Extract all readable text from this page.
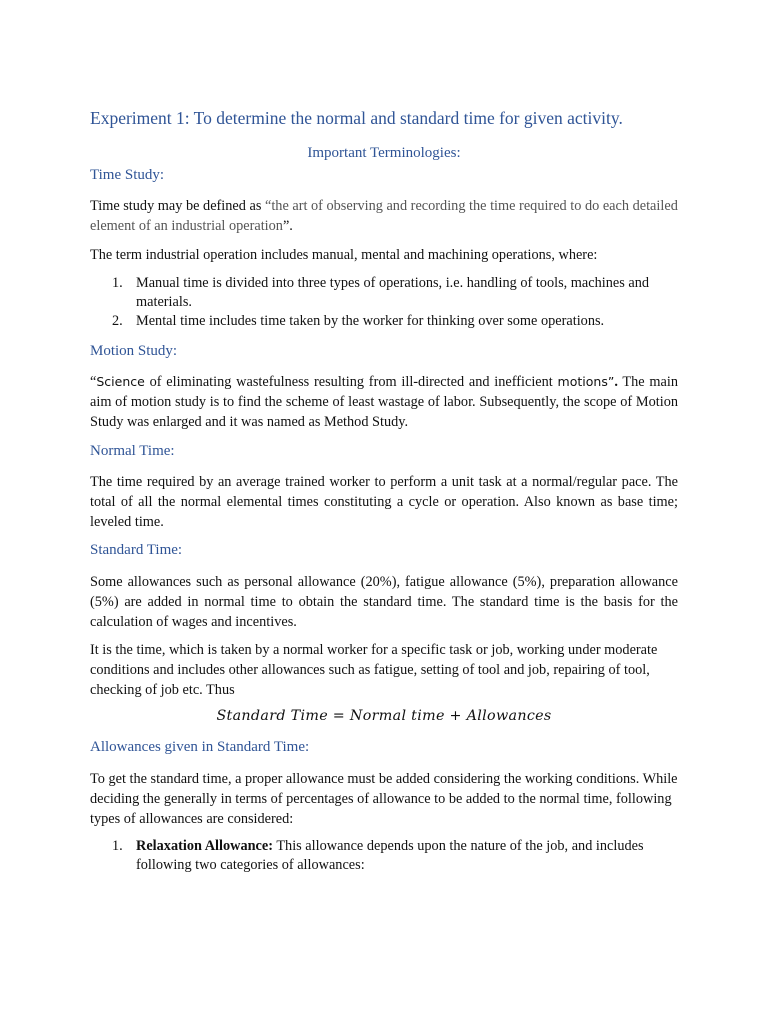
Experiment 1: To determine the normal and standard time for given activity.
Important Terminologies:
Time Study:

Time study may be defined as “the art of observing and recording the time required to do each detailed element of an industrial operation”.

The term industrial operation includes manual, mental and machining operations, where:

1. Manual time is divided into three types of operations, i.e. handling of tools, machines and materials.
2. Mental time includes time taken by the worker for thinking over some operations.
Motion Study:

“Science of eliminating wastefulness resulting from ill-directed and inefficient motions”. The main aim of motion study is to find the scheme of least wastage of labor. Subsequently, the scope of Motion Study was enlarged and it was named as Method Study.

Normal Time:

The time required by an average trained worker to perform a unit task at a normal/regular pace. The total of all the normal elemental times constituting a cycle or operation. Also known as base time; leveled time.

Standard Time:

Some allowances such as personal allowance (20%), fatigue allowance (5%), preparation allowance (5%) are added in normal time to obtain the standard time. The standard time is the basis for the calculation of wages and incentives.

It is the time, which is taken by a normal worker for a specific task or job, working under moderate conditions and includes other allowances such as fatigue, setting of tool and job, repairing of tool, checking of job etc. Thus

Standard Time = Normal time + Allowances

Allowances given in Standard Time:

To get the standard time, a proper allowance must be added considering the working conditions. While deciding the generally in terms of percentages of allowance to be added to the normal time, following types of allowances are considered:

1. Relaxation Allowance: This allowance depends upon the nature of the job, and includes following two categories of allowances:
